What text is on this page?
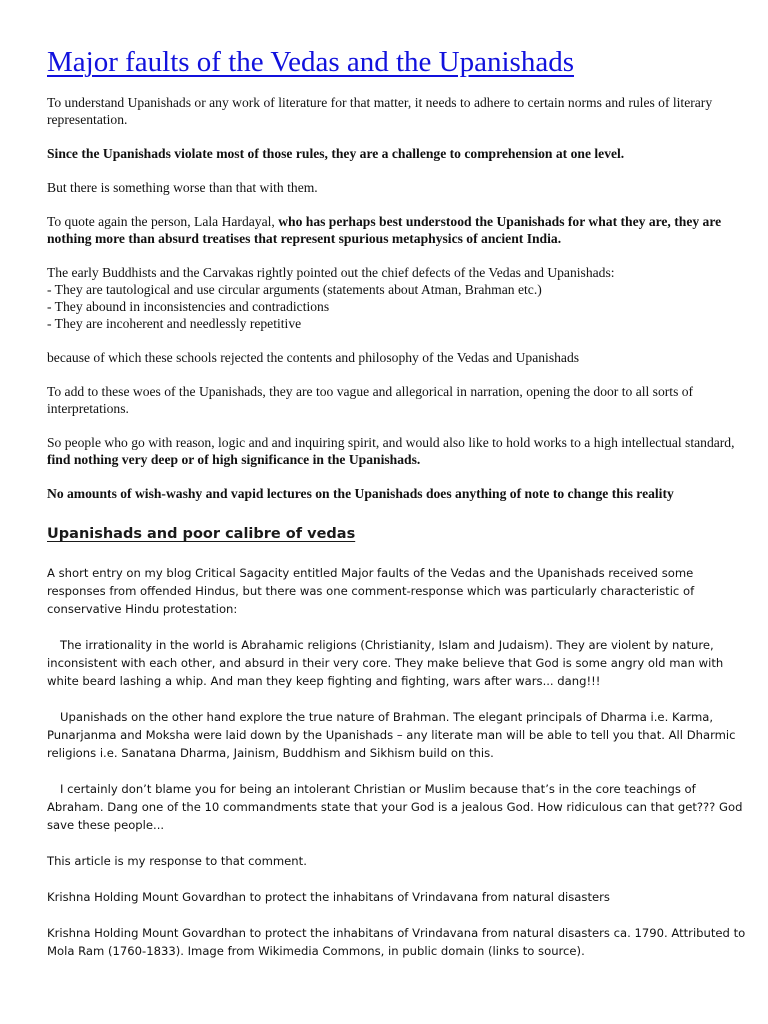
Major faults of the Vedas and the Upanishads

To understand Upanishads or any work of literature for that matter, it needs to adhere to certain norms and rules of literary representation.

Since the Upanishads violate most of those rules, they are a challenge to comprehension at one level.

But there is something worse than that with them.

To quote again the person, Lala Hardayal, who has perhaps best understood the Upanishads for what they are, they are nothing more than absurd treatises that represent spurious metaphysics of ancient India.

The early Buddhists and the Carvakas rightly pointed out the chief defects of the Vedas and Upanishads:
- They are tautological and use circular arguments (statements about Atman, Brahman etc.)
- They abound in inconsistencies and contradictions
- They are incoherent and needlessly repetitive

because of which these schools rejected the contents and philosophy of the Vedas and Upanishads

To add to these woes of the Upanishads, they are too vague and allegorical in narration, opening the door to all sorts of interpretations.

So people who go with reason, logic and and inquiring spirit, and would also like to hold works to a high intellectual standard, find nothing very deep or of high significance in the Upanishads.

No amounts of wish-washy and vapid lectures on the Upanishads does anything of note to change this reality

Upanishads and poor calibre of vedas

A short entry on my blog Critical Sagacity entitled Major faults of the Vedas and the Upanishads received some responses from offended Hindus, but there was one comment-response which was particularly characteristic of conservative Hindu protestation:

The irrationality in the world is Abrahamic religions (Christianity, Islam and Judaism). They are violent by nature, inconsistent with each other, and absurd in their very core. They make believe that God is some angry old man with white beard lashing a whip. And man they keep fighting and fighting, wars after wars... dang!!!

Upanishads on the other hand explore the true nature of Brahman. The elegant principals of Dharma i.e. Karma, Punarjanma and Moksha were laid down by the Upanishads – any literate man will be able to tell you that. All Dharmic religions i.e. Sanatana Dharma, Jainism, Buddhism and Sikhism build on this.

I certainly don’t blame you for being an intolerant Christian or Muslim because that’s in the core teachings of Abraham. Dang one of the 10 commandments state that your God is a jealous God. How ridiculous can that get??? God save these people...

This article is my response to that comment.

Krishna Holding Mount Govardhan to protect the inhabitans of Vrindavana from natural disasters

Krishna Holding Mount Govardhan to protect the inhabitans of Vrindavana from natural disasters ca. 1790. Attributed to Mola Ram (1760-1833). Image from Wikimedia Commons, in public domain (links to source).
